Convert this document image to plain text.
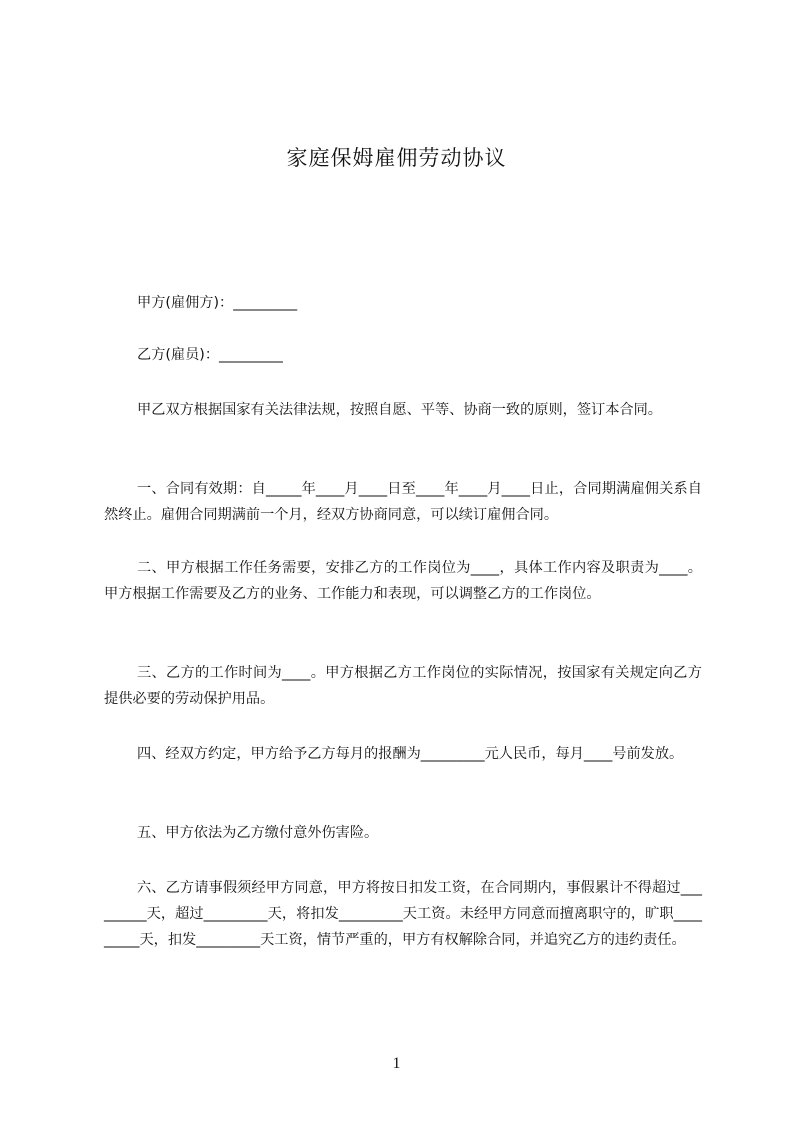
家庭保姆雇佣劳动协议
甲方(雇佣方)：_________
乙方(雇员)：_________
甲乙双方根据国家有关法律法规，按照自愿、平等、协商一致的原则，签订本合同。
一、合同有效期：自_____年____月____日至____年____月____日止，合同期满雇佣关系自然终止。雇佣合同期满前一个月，经双方协商同意，可以续订雇佣合同。
二、甲方根据工作任务需要，安排乙方的工作岗位为____，具体工作内容及职责为____。甲方根据工作需要及乙方的业务、工作能力和表现，可以调整乙方的工作岗位。
三、乙方的工作时间为____。甲方根据乙方工作岗位的实际情况，按国家有关规定向乙方提供必要的劳动保护用品。
四、经双方约定，甲方给予乙方每月的报酬为_________元人民币，每月____号前发放。
五、甲方依法为乙方缴付意外伤害险。
六、乙方请事假须经甲方同意，甲方将按日扣发工资，在合同期内，事假累计不得超过_________天，超过_________天，将扣发_________天工资。未经甲方同意而擅离职守的，旷职_________天，扣发_________天工资，情节严重的，甲方有权解除合同，并追究乙方的违约责任。
1
